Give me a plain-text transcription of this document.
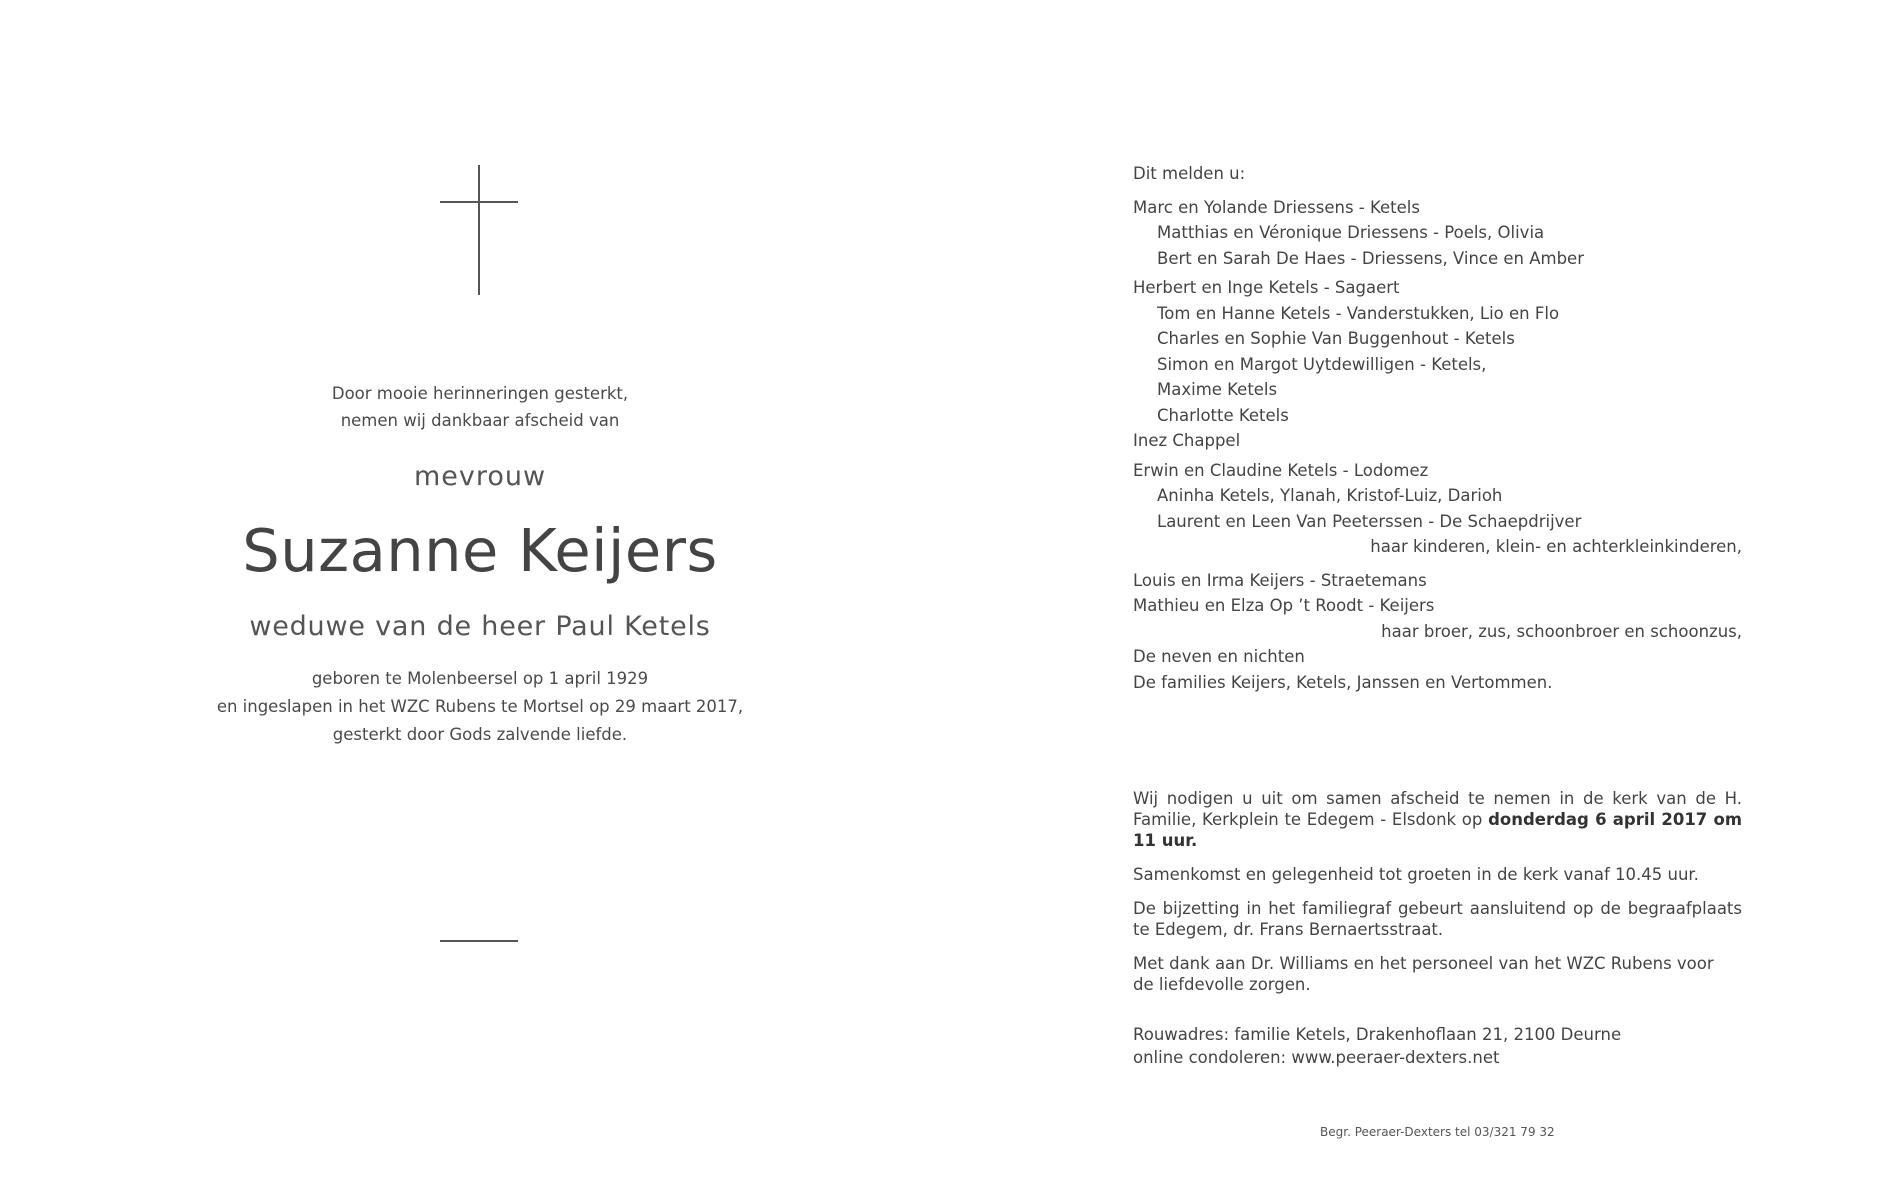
Door mooie herinneringen gesterkt,
nemen wij dankbaar afscheid van
mevrouw
Suzanne Keijers
weduwe van de heer Paul Ketels
geboren te Molenbeersel op 1 april 1929
en ingeslapen in het WZC Rubens te Mortsel op 29 maart 2017,
gesterkt door Gods zalvende liefde.
Dit melden u:
Marc en Yolande Driessens - Ketels
Matthias en Véronique Driessens - Poels, Olivia
Bert en Sarah De Haes - Driessens, Vince en Amber
Herbert en Inge Ketels - Sagaert
Tom en Hanne Ketels - Vanderstukken, Lio en Flo
Charles en Sophie Van Buggenhout - Ketels
Simon en Margot Uytdewilligen - Ketels,
Maxime Ketels
Charlotte Ketels
Inez Chappel
Erwin en Claudine Ketels - Lodomez
Aninha Ketels, Ylanah, Kristof-Luiz, Darioh
Laurent en Leen Van Peeterssen - De Schaepdrijver
haar kinderen, klein- en achterkleinkinderen,
Louis en Irma Keijers - Straetemans
Mathieu en Elza Op ’t Roodt - Keijers
haar broer, zus, schoonbroer en schoonzus,
De neven en nichten
De families Keijers, Ketels, Janssen en Vertommen.

Wij nodigen u uit om samen afscheid te nemen in de kerk van de H. Familie, Kerkplein te Edegem - Elsdonk op donderdag 6 april 2017 om 11 uur.

Samenkomst en gelegenheid tot groeten in de kerk vanaf 10.45 uur.

De bijzetting in het familiegraf gebeurt aansluitend op de begraafplaats te Edegem, dr. Frans Bernaertsstraat.

Met dank aan Dr. Williams en het personeel van het WZC Rubens voor
de liefdevolle zorgen.

Rouwadres: familie Ketels, Drakenhoflaan 21, 2100 Deurne
online condoleren: www.peeraer-dexters.net
Begr. Peeraer-Dexters tel 03/321 79 32
